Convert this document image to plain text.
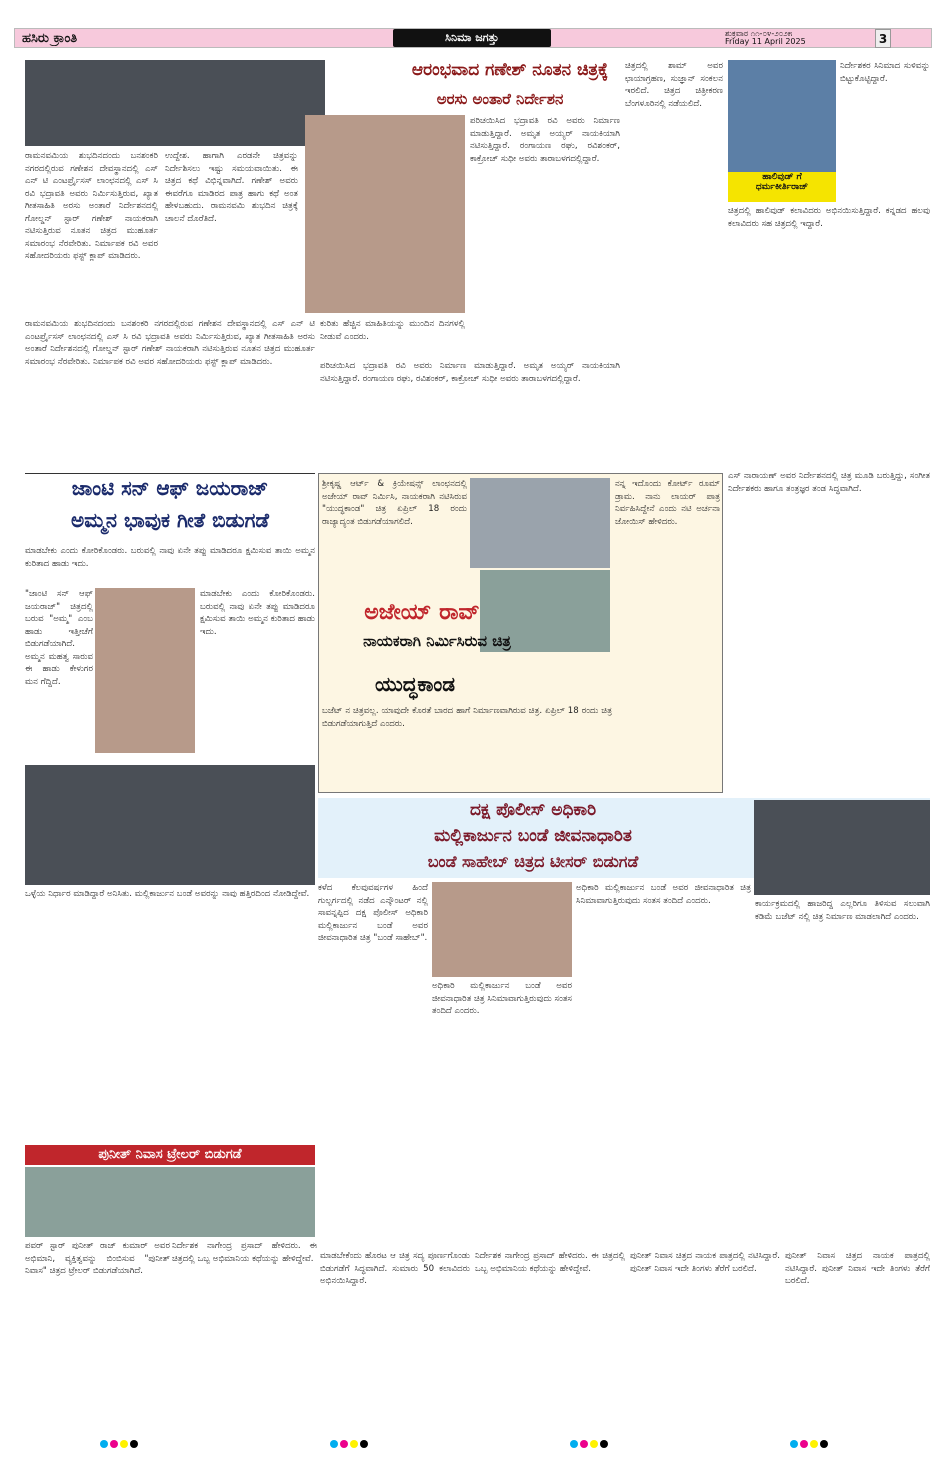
ಹಸಿರು ಕ್ರಾಂತಿ	ಸಿನಿಮಾ ಜಗತ್ತು	ಶುಕ್ರವಾರ ೧೧-೦೪-೨೦೨೫
Friday 11 April 2025	3
ಆರಂಭವಾದ ಗಣೇಶ್ ನೂತನ ಚಿತ್ರಕ್ಕೆ
ಅರಸು ಅಂತಾರೆ ನಿರ್ದೇಶನ
ರಾಮನವಮಿಯ ಶುಭದಿನದಂದು ಬನಶಂಕರಿ ನಗರದಲ್ಲಿರುವ ಗಣೇಶನ ದೇವಸ್ಥಾನದಲ್ಲಿ ಎಸ್ ಎನ್ ಟಿ ಎಂಟರ್ಪ್ರೈಸಸ್ ಲಾಂಛನದಲ್ಲಿ ಎಸ್ ಸಿ ರವಿ ಭದ್ರಾವತಿ ಅವರು ನಿರ್ಮಿಸುತ್ತಿರುವ, ಖ್ಯಾತ ಗೀತಸಾಹಿತಿ ಅರಸು ಅಂತಾರೆ ನಿರ್ದೇಶನದಲ್ಲಿ ಗೋಲ್ಡನ್ ಸ್ಟಾರ್ ಗಣೇಶ್ ನಾಯಕರಾಗಿ ನಟಿಸುತ್ತಿರುವ ನೂತನ ಚಿತ್ರದ ಮುಹೂರ್ತ ಸಮಾರಂಭ ನೆರವೇರಿತು. ನಿರ್ಮಾಪಕ ರವಿ ಅವರ ಸಹೋದರಿಯರು ಫಸ್ಟ್ ಕ್ಲಾಪ್ ಮಾಡಿದರು.
ಉದ್ದೇಶ. ಹಾಗಾಗಿ ಎರಡನೇ ಚಿತ್ರವನ್ನು ನಿರ್ದೇಶಿಸಲು ಇಷ್ಟು ಸಮಯವಾಯಿತು. ಈ ಚಿತ್ರದ ಕಥೆ ವಿಭಿನ್ನವಾಗಿದೆ. ಗಣೇಶ್ ಅವರು ಈವರೆಗೂ ಮಾಡಿರದ ಪಾತ್ರ ಹಾಗು ಕಥೆ ಅಂತ ಹೇಳಬಹುದು. ರಾಮನವಮಿ ಶುಭದಿನ ಚಿತ್ರಕ್ಕೆ ಚಾಲನೆ ದೊರೆತಿದೆ.
ಪರಿಚಯಿಸಿದ ಭದ್ರಾವತಿ ರವಿ ಅವರು ನಿರ್ಮಾಣ ಮಾಡುತ್ತಿದ್ದಾರೆ. ಅಮೃತ ಅಯ್ಯರ್ ನಾಯಕಿಯಾಗಿ ನಟಿಸುತ್ತಿದ್ದಾರೆ. ರಂಗಾಯಣ ರಘು, ರವಿಶಂಕರ್, ಕಾಕ್ರೋಚ್ ಸುಧೀ ಅವರು ತಾರಾಬಳಗದಲ್ಲಿದ್ದಾರೆ.
ಚಿತ್ರದಲ್ಲಿ ಶಾಮ್ ಅವರ ಛಾಯಾಗ್ರಹಣ, ಸುಜ್ಞಾನ್ ಸಂಕಲನ ಇರಲಿದೆ. ಚಿತ್ರದ ಚಿತ್ರೀಕರಣ ಬೆಂಗಳೂರಿನಲ್ಲಿ ನಡೆಯಲಿದೆ.
ಕುರಿತು ಹೆಚ್ಚಿನ ಮಾಹಿತಿಯನ್ನು ಮುಂದಿನ ದಿನಗಳಲ್ಲಿ ನೀಡುವೆ ಎಂದರು.
ರಾಮನವಮಿಯ ಶುಭದಿನದಂದು ಬನಶಂಕರಿ ನಗರದಲ್ಲಿರುವ ಗಣೇಶನ ದೇವಸ್ಥಾನದಲ್ಲಿ ಎಸ್ ಎನ್ ಟಿ ಎಂಟರ್ಪ್ರೈಸಸ್ ಲಾಂಛನದಲ್ಲಿ ಎಸ್ ಸಿ ರವಿ ಭದ್ರಾವತಿ ಅವರು ನಿರ್ಮಿಸುತ್ತಿರುವ, ಖ್ಯಾತ ಗೀತಸಾಹಿತಿ ಅರಸು ಅಂತಾರೆ ನಿರ್ದೇಶನದಲ್ಲಿ ಗೋಲ್ಡನ್ ಸ್ಟಾರ್ ಗಣೇಶ್ ನಾಯಕರಾಗಿ ನಟಿಸುತ್ತಿರುವ ನೂತನ ಚಿತ್ರದ ಮುಹೂರ್ತ ಸಮಾರಂಭ ನೆರವೇರಿತು. ನಿರ್ಮಾಪಕ ರವಿ ಅವರ ಸಹೋದರಿಯರು ಫಸ್ಟ್ ಕ್ಲಾಪ್ ಮಾಡಿದರು.	ಪರಿಚಯಿಸಿದ ಭದ್ರಾವತಿ ರವಿ ಅವರು ನಿರ್ಮಾಣ ಮಾಡುತ್ತಿದ್ದಾರೆ. ಅಮೃತ ಅಯ್ಯರ್ ನಾಯಕಿಯಾಗಿ ನಟಿಸುತ್ತಿದ್ದಾರೆ. ರಂಗಾಯಣ ರಘು, ರವಿಶಂಕರ್, ಕಾಕ್ರೋಚ್ ಸುಧೀ ಅವರು ತಾರಾಬಳಗದಲ್ಲಿದ್ದಾರೆ.
ಹಾಲಿವುಡ್ ಗೆ
ಧರ್ಮಕೀರ್ತಿರಾಜ್
ನಿರ್ದೇಶಕರ ಸಿನಿಮಾದ ಸುಳಿವನ್ನು ಬಿಟ್ಟುಕೊಟ್ಟಿದ್ದಾರೆ.
ಚಿತ್ರದಲ್ಲಿ ಹಾಲಿವುಡ್ ಕಲಾವಿದರು ಅಭಿನಯಿಸುತ್ತಿದ್ದಾರೆ. ಕನ್ನಡದ ಹಲವು ಕಲಾವಿದರು ಸಹ ಚಿತ್ರದಲ್ಲಿ ಇದ್ದಾರೆ.
ಎಸ್ ನಾರಾಯಣ್ ಅವರ ನಿರ್ದೇಶನದಲ್ಲಿ ಚಿತ್ರ ಮೂಡಿ ಬರುತ್ತಿದ್ದು, ಸಂಗೀತ ನಿರ್ದೇಶಕರು ಹಾಗೂ ತಂತ್ರಜ್ಞರ ತಂಡ ಸಿದ್ಧವಾಗಿದೆ.
ಜಾಂಟಿ ಸನ್ ಆಫ್ ಜಯರಾಜ್
ಅಮ್ಮನ ಭಾವುಕ ಗೀತೆ ಬಿಡುಗಡೆ
ಮಾಡಬೇಕು ಎಂದು ಕೋರಿಕೊಂಡರು. ಬರುವಲ್ಲಿ ನಾವು ಏನೇ ತಪ್ಪು ಮಾಡಿದರೂ ಕ್ಷಮಿಸುವ ತಾಯಿ ಅಮ್ಮನ ಕುರಿತಾದ ಹಾಡು ಇದು.
"ಜಾಂಟಿ ಸನ್ ಆಫ್ ಜಯರಾಜ್" ಚಿತ್ರದಲ್ಲಿ ಬರುವ "ಅಮ್ಮ" ಎಂಬ ಹಾಡು ಇತ್ತೀಚೆಗೆ ಬಿಡುಗಡೆಯಾಗಿದೆ. ಅಮ್ಮನ ಮಹತ್ವ ಸಾರುವ ಈ ಹಾಡು ಕೇಳುಗರ ಮನ ಗೆದ್ದಿದೆ.
ಮಾಡಬೇಕು ಎಂದು ಕೋರಿಕೊಂಡರು. ಬರುವಲ್ಲಿ ನಾವು ಏನೇ ತಪ್ಪು ಮಾಡಿದರೂ ಕ್ಷಮಿಸುವ ತಾಯಿ ಅಮ್ಮನ ಕುರಿತಾದ ಹಾಡು ಇದು.
ಶ್ರೀಕೃಷ್ಣ ಆರ್ಟ್ & ಕ್ರಿಯೇಷನ್ಸ್ ಲಾಂಛನದಲ್ಲಿ ಅಜೇಯ್ ರಾವ್ ನಿರ್ಮಿಸಿ, ನಾಯಕರಾಗಿ ನಟಿಸಿರುವ "ಯುದ್ಧಕಾಂಡ" ಚಿತ್ರ ಏಪ್ರಿಲ್ 18 ರಂದು ರಾಜ್ಯಾದ್ಯಂತ ಬಿಡುಗಡೆಯಾಗಲಿದೆ.
ನನ್ನ ಇದೊಂದು ಕೋರ್ಟ್ ರೂಮ್ ಡ್ರಾಮ. ನಾನು ಲಾಯರ್ ಪಾತ್ರ ನಿರ್ವಹಿಸಿದ್ದೇನೆ ಎಂದು ನಟಿ ಅರ್ಚನಾ ಜೋಯಿಸ್ ಹೇಳಿದರು.
ಅಜೇಯ್ ರಾವ್
ನಾಯಕರಾಗಿ ನಿರ್ಮಿಸಿರುವ ಚಿತ್ರ
ಯುದ್ಧಕಾಂಡ
ಬಜೆಟ್ ನ ಚಿತ್ರವಲ್ಲ. ಯಾವುದೇ ಕೊರತೆ ಬಾರದ ಹಾಗೆ ನಿರ್ಮಾಣವಾಗಿರುವ ಚಿತ್ರ. ಏಪ್ರಿಲ್ 18 ರಂದು ಚಿತ್ರ ಬಿಡುಗಡೆಯಾಗುತ್ತಿದೆ ಎಂದರು.
ದಕ್ಷ ಪೊಲೀಸ್ ಅಧಿಕಾರಿ
ಮಲ್ಲಿಕಾರ್ಜುನ ಬಂಡೆ ಜೀವನಾಧಾರಿತ
ಬಂಡೆ ಸಾಹೇಬ್ ಚಿತ್ರದ ಟೀಸರ್ ಬಿಡುಗಡೆ
ಕಳೆದ ಕೆಲವುವರ್ಷಗಳ ಹಿಂದೆ ಗುಲ್ಬರ್ಗದಲ್ಲಿ ನಡೆದ ಎನ್ಕೌಂಟರ್ ನಲ್ಲಿ ಸಾವನ್ನಪ್ಪಿದ ದಕ್ಷ ಪೊಲೀಸ್ ಅಧಿಕಾರಿ ಮಲ್ಲಿಕಾರ್ಜುನ ಬಂಡೆ ಅವರ ಜೀವನಾಧಾರಿತ ಚಿತ್ರ "ಬಂಡೆ ಸಾಹೇಬ್".
ಅಧಿಕಾರಿ ಮಲ್ಲಿಕಾರ್ಜುನ ಬಂಡೆ ಅವರ ಜೀವನಾಧಾರಿತ ಚಿತ್ರ ಸಿನಿಮಾವಾಗುತ್ತಿರುವುದು ಸಂತಸ ತಂದಿದೆ ಎಂದರು.
ಅಧಿಕಾರಿ ಮಲ್ಲಿಕಾರ್ಜುನ ಬಂಡೆ ಅವರ ಜೀವನಾಧಾರಿತ ಚಿತ್ರ ಸಿನಿಮಾವಾಗುತ್ತಿರುವುದು ಸಂತಸ ತಂದಿದೆ ಎಂದರು.
ಕಾರ್ಯಕ್ರಮದಲ್ಲಿ ಹಾಜರಿದ್ದ ಎಲ್ಲರಿಗೂ ತಿಳಿಸುವ ಸಲುವಾಗಿ ಕಡಿಮೆ ಬಜೆಟ್ ನಲ್ಲಿ ಚಿತ್ರ ನಿರ್ಮಾಣ ಮಾಡಲಾಗಿದೆ ಎಂದರು.
ಒಳ್ಳೆಯ ನಿರ್ಧಾರ ಮಾಡಿದ್ದಾರೆ ಅನಿಸಿತು. ಮಲ್ಲಿಕಾರ್ಜುನ ಬಂಡೆ ಅವರನ್ನು ನಾವು ಹತ್ತಿರದಿಂದ ನೋಡಿದ್ದೇವೆ.
ಪುನೀತ್ ನಿವಾಸ ಟ್ರೇಲರ್ ಬಿಡುಗಡೆ
ಪವರ್ ಸ್ಟಾರ್ ಪುನೀತ್ ರಾಜ್ ಕುಮಾರ್ ಅವರ ಅಭಿಮಾನಿ, ವ್ಯಕ್ತಿತ್ವವನ್ನು ಬಿಂಬಿಸುವ "ಪುನೀತ್ ನಿವಾಸ" ಚಿತ್ರದ ಟ್ರೇಲರ್ ಬಿಡುಗಡೆಯಾಗಿದೆ.
ನಿರ್ದೇಶಕ ನಾಗೇಂದ್ರ ಪ್ರಸಾದ್ ಹೇಳಿದರು. ಈ ಚಿತ್ರದಲ್ಲಿ ಒಬ್ಬ ಅಭಿಮಾನಿಯ ಕಥೆಯನ್ನು ಹೇಳಿದ್ದೇವೆ. ಮಾಡಬೇಕೆಂದು ಹೊರಟ ಆ ಚಿತ್ರ ಸದ್ಯ ಪೂರ್ಣಗೊಂಡು ಬಿಡುಗಡೆಗೆ ಸಿದ್ಧವಾಗಿದೆ. ಸುಮಾರು 50 ಕಲಾವಿದರು ಅಭಿನಯಿಸಿದ್ದಾರೆ.
ನಿರ್ದೇಶಕ ನಾಗೇಂದ್ರ ಪ್ರಸಾದ್ ಹೇಳಿದರು. ಈ ಚಿತ್ರದಲ್ಲಿ ಒಬ್ಬ ಅಭಿಮಾನಿಯ ಕಥೆಯನ್ನು ಹೇಳಿದ್ದೇವೆ.
ಪುನೀತ್ ನಿವಾಸ ಚಿತ್ರದ ನಾಯಕ ಪಾತ್ರದಲ್ಲಿ ನಟಿಸಿದ್ದಾರೆ. ಪುನೀತ್ ನಿವಾಸ ಇದೇ ತಿಂಗಳು ತೆರೆಗೆ ಬರಲಿದೆ.
ಪುನೀತ್ ನಿವಾಸ ಚಿತ್ರದ ನಾಯಕ ಪಾತ್ರದಲ್ಲಿ ನಟಿಸಿದ್ದಾರೆ. ಪುನೀತ್ ನಿವಾಸ ಇದೇ ತಿಂಗಳು ತೆರೆಗೆ ಬರಲಿದೆ.
